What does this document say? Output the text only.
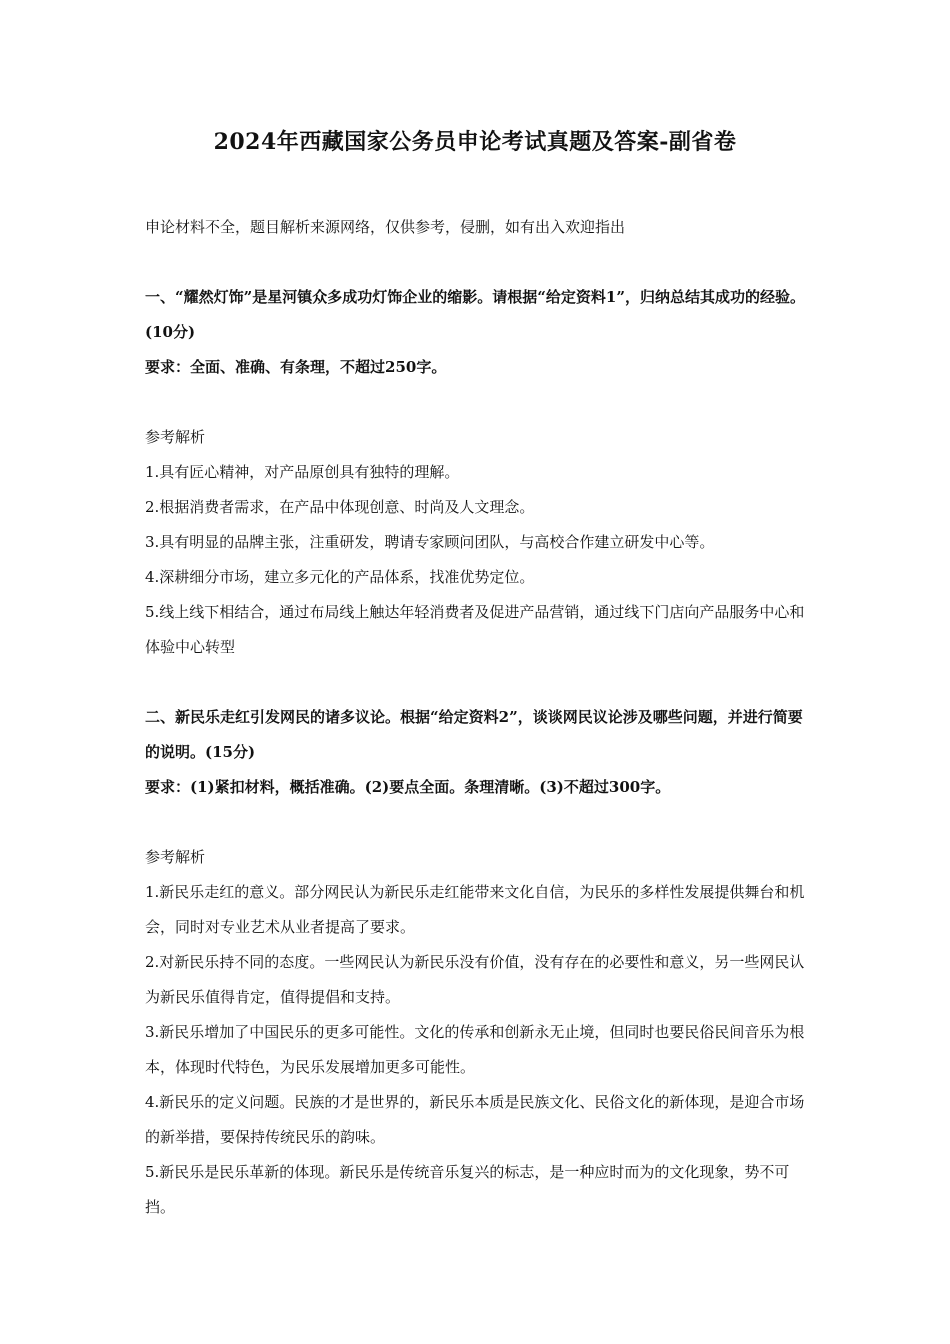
2024年西藏国家公务员申论考试真题及答案-副省卷

申论材料不全，题目解析来源网络，仅供参考，侵删，如有出入欢迎指出

一、“耀然灯饰”是星河镇众多成功灯饰企业的缩影。请根据“给定资料1”，归纳总结其成功的经验。 (10分)

要求：全面、准确、有条理，不超过250字。

参考解析

1.具有匠心精神，对产品原创具有独特的理解。

2.根据消费者需求，在产品中体现创意、时尚及人文理念。

3.具有明显的品牌主张，注重研发，聘请专家顾问团队，与高校合作建立研发中心等。

4.深耕细分市场，建立多元化的产品体系，找准优势定位。

5.线上线下相结合，通过布局线上触达年轻消费者及促进产品营销，通过线下门店向产品服务中心和体验中心转型

二、新民乐走红引发网民的诸多议论。根据“给定资料2”，谈谈网民议论涉及哪些问题，并进行简要的说明。(15分)

要求：(1)紧扣材料，概括准确。(2)要点全面。条理清晰。(3)不超过300字。

参考解析

1.新民乐走红的意义。部分网民认为新民乐走红能带来文化自信，为民乐的多样性发展提供舞台和机会，同时对专业艺术从业者提高了要求。

2.对新民乐持不同的态度。一些网民认为新民乐没有价值，没有存在的必要性和意义，另一些网民认为新民乐值得肯定，值得提倡和支持。

3.新民乐增加了中国民乐的更多可能性。文化的传承和创新永无止境，但同时也要民俗民间音乐为根本，体现时代特色，为民乐发展增加更多可能性。

4.新民乐的定义问题。民族的才是世界的，新民乐本质是民族文化、民俗文化的新体现，是迎合市场的新举措，要保持传统民乐的韵味。

5.新民乐是民乐革新的体现。新民乐是传统音乐复兴的标志，是一种应时而为的文化现象，势不可挡。
